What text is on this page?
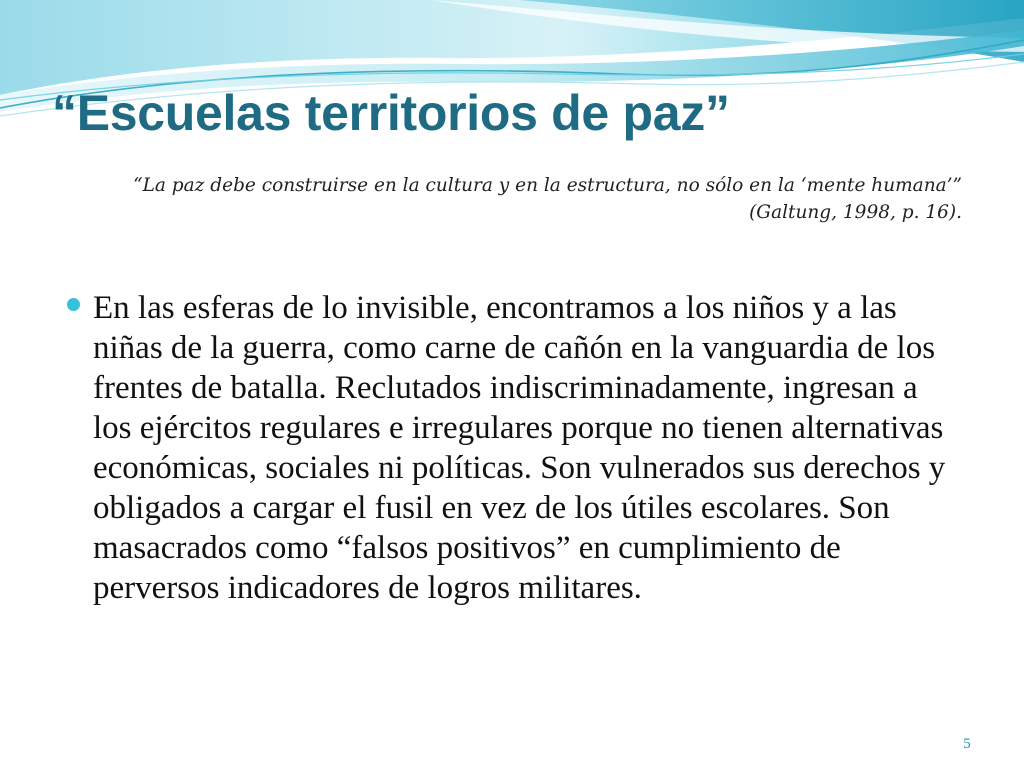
“Escuelas territorios de paz”

“La paz debe construirse en la cultura y en la estructura, no sólo en la ‘mente humana’” (Galtung, 1998, p. 16).

En las esferas de lo invisible, encontramos a los niños y a las niñas de la guerra, como carne de cañón en la vanguardia de los frentes de batalla. Reclutados indiscriminadamente, ingresan a los ejércitos regulares e irregulares porque no tienen alternativas económicas, sociales ni políticas. Son vulnerados sus derechos y obligados a cargar el fusil en vez de los útiles escolares. Son masacrados como “falsos positivos” en cumplimiento de perversos indicadores de logros militares.
5
